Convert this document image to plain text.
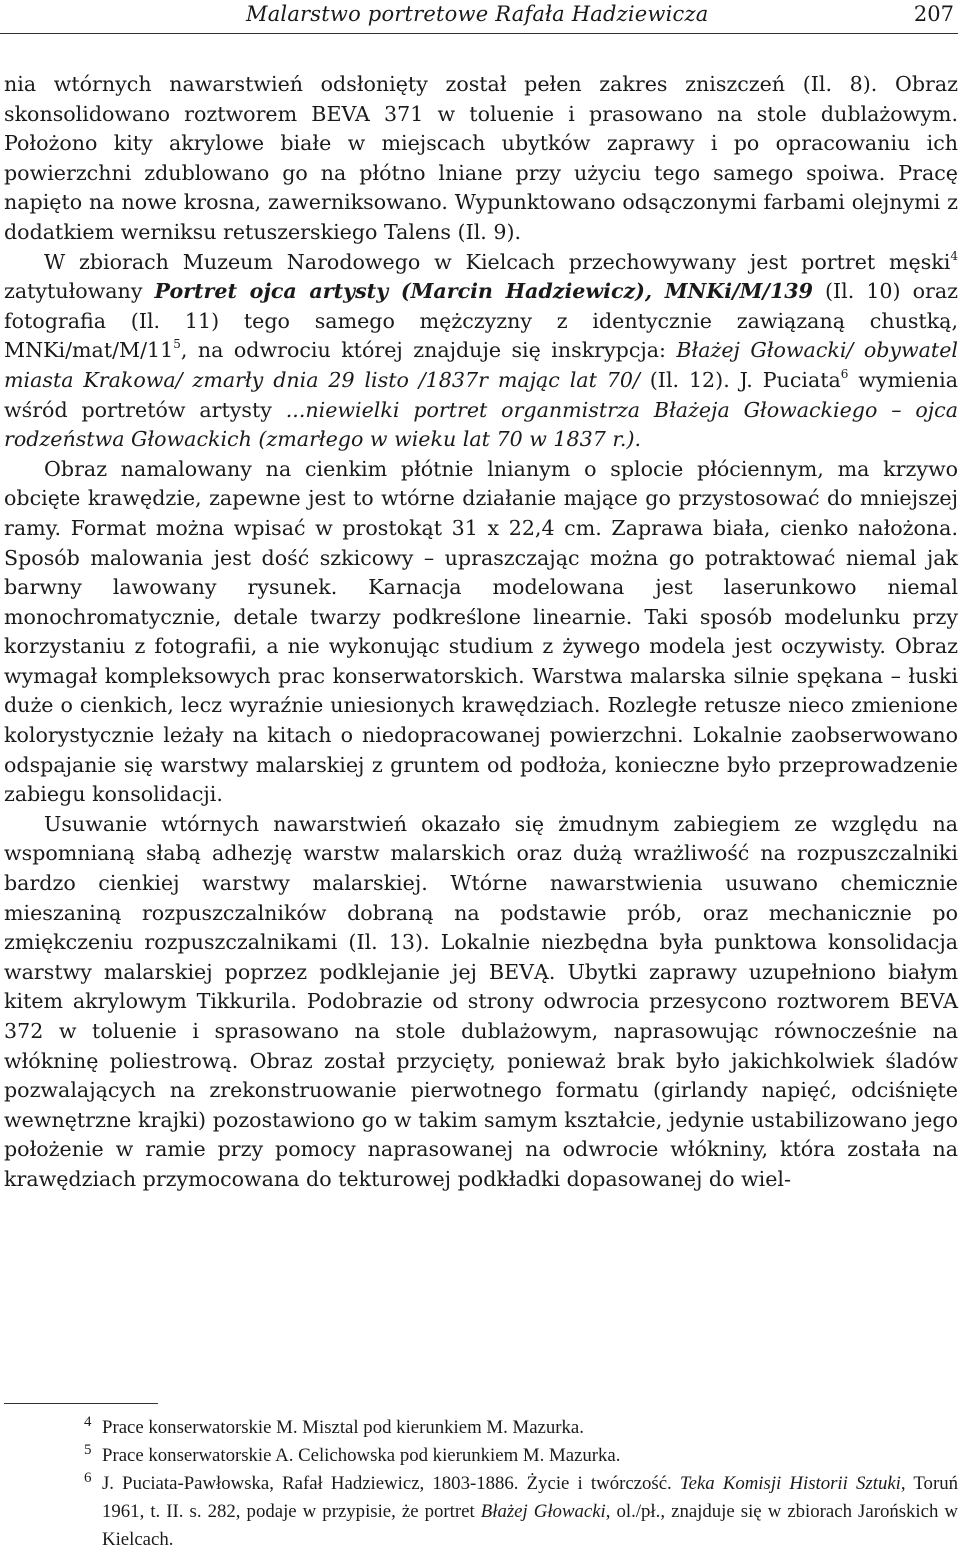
Malarstwo portretowe Rafała Hadziewicza	207

nia wtórnych nawarstwień odsłonięty został pełen zakres zniszczeń (Il. 8). Obraz skonsolidowano roztworem BEVA 371 w toluenie i prasowano na stole dublażowym. Położono kity akrylowe białe w miejscach ubytków zaprawy i po opracowaniu ich powierzchni zdublowano go na płótno lniane przy użyciu tego samego spoiwa. Pracę napięto na nowe krosna, zawerniksowano. Wypunktowano odsączonymi farbami olejnymi z dodatkiem werniksu retuszerskiego Talens (Il. 9).

W zbiorach Muzeum Narodowego w Kielcach przechowywany jest portret męski$^4$ zatytułowany Portret ojca artysty (Marcin Hadziewicz), MNKi/M/139 (Il. 10) oraz fotografia (Il. 11) tego samego mężczyzny z identycznie zawiązaną chustką, MNKi/mat/M/11$^5$, na odwrociu której znajduje się inskrypcja: Błażej Głowacki/ obywatel miasta Krakowa/ zmarły dnia 29 listo /1837r mając lat 70/ (Il. 12). J. Puciata$^6$ wymienia wśród portretów artysty ...niewielki portret organmistrza Błażeja Głowackiego – ojca rodzeństwa Głowackich (zmarłego w wieku lat 70 w 1837 r.).

Obraz namalowany na cienkim płótnie lnianym o splocie płóciennym, ma krzywo obcięte krawędzie, zapewne jest to wtórne działanie mające go przystosować do mniejszej ramy. Format można wpisać w prostokąt 31 x 22,4 cm. Zaprawa biała, cienko nałożona. Sposób malowania jest dość szkicowy – upraszczając można go potraktować niemal jak barwny lawowany rysunek. Karnacja modelowana jest laserunkowo niemal monochromatycznie, detale twarzy podkreślone linearnie. Taki sposób modelunku przy korzystaniu z fotografii, a nie wykonując studium z żywego modela jest oczywisty. Obraz wymagał kompleksowych prac konserwatorskich. Warstwa malarska silnie spękana – łuski duże o cienkich, lecz wyraźnie uniesionych krawędziach. Rozległe retusze nieco zmienione kolorystycznie leżały na kitach o niedopracowanej powierzchni. Lokalnie zaobserwowano odspajanie się warstwy malarskiej z gruntem od podłoża, konieczne było przeprowadzenie zabiegu konsolidacji.

Usuwanie wtórnych nawarstwień okazało się żmudnym zabiegiem ze względu na wspomnianą słabą adhezję warstw malarskich oraz dużą wrażliwość na rozpuszczalniki bardzo cienkiej warstwy malarskiej. Wtórne nawarstwienia usuwano chemicznie mieszaniną rozpuszczalników dobraną na podstawie prób, oraz mechanicznie po zmiękczeniu rozpuszczalnikami (Il. 13). Lokalnie niezbędna była punktowa konsolidacja warstwy malarskiej poprzez podklejanie jej BEVĄ. Ubytki zaprawy uzupełniono białym kitem akrylowym Tikkurila. Podobrazie od strony odwrocia przesycono roztworem BEVA 372 w toluenie i sprasowano na stole dublażowym, naprasowując równocześnie na włókninę poliestrową. Obraz został przycięty, ponieważ brak było jakichkolwiek śladów pozwalających na zrekonstruowanie pierwotnego formatu (girlandy napięć, odciśnięte wewnętrzne krajki) pozostawiono go w takim samym kształcie, jedynie ustabilizowano jego położenie w ramie przy pomocy naprasowanej na odwrocie włókniny, która została na krawędziach przymocowana do tekturowej podkładki dopasowanej do wiel-

4 Prace konserwatorskie M. Misztal pod kierunkiem M. Mazurka.

5 Prace konserwatorskie A. Celichowska pod kierunkiem M. Mazurka.

6 J. Puciata-Pawłowska, Rafał Hadziewicz, 1803-1886. Życie i twórczość. Teka Komisji Historii Sztuki, Toruń 1961, t. II. s. 282, podaje w przypisie, że portret Błażej Głowacki, ol./pł., znajduje się w zbiorach Jarońskich w Kielcach.
